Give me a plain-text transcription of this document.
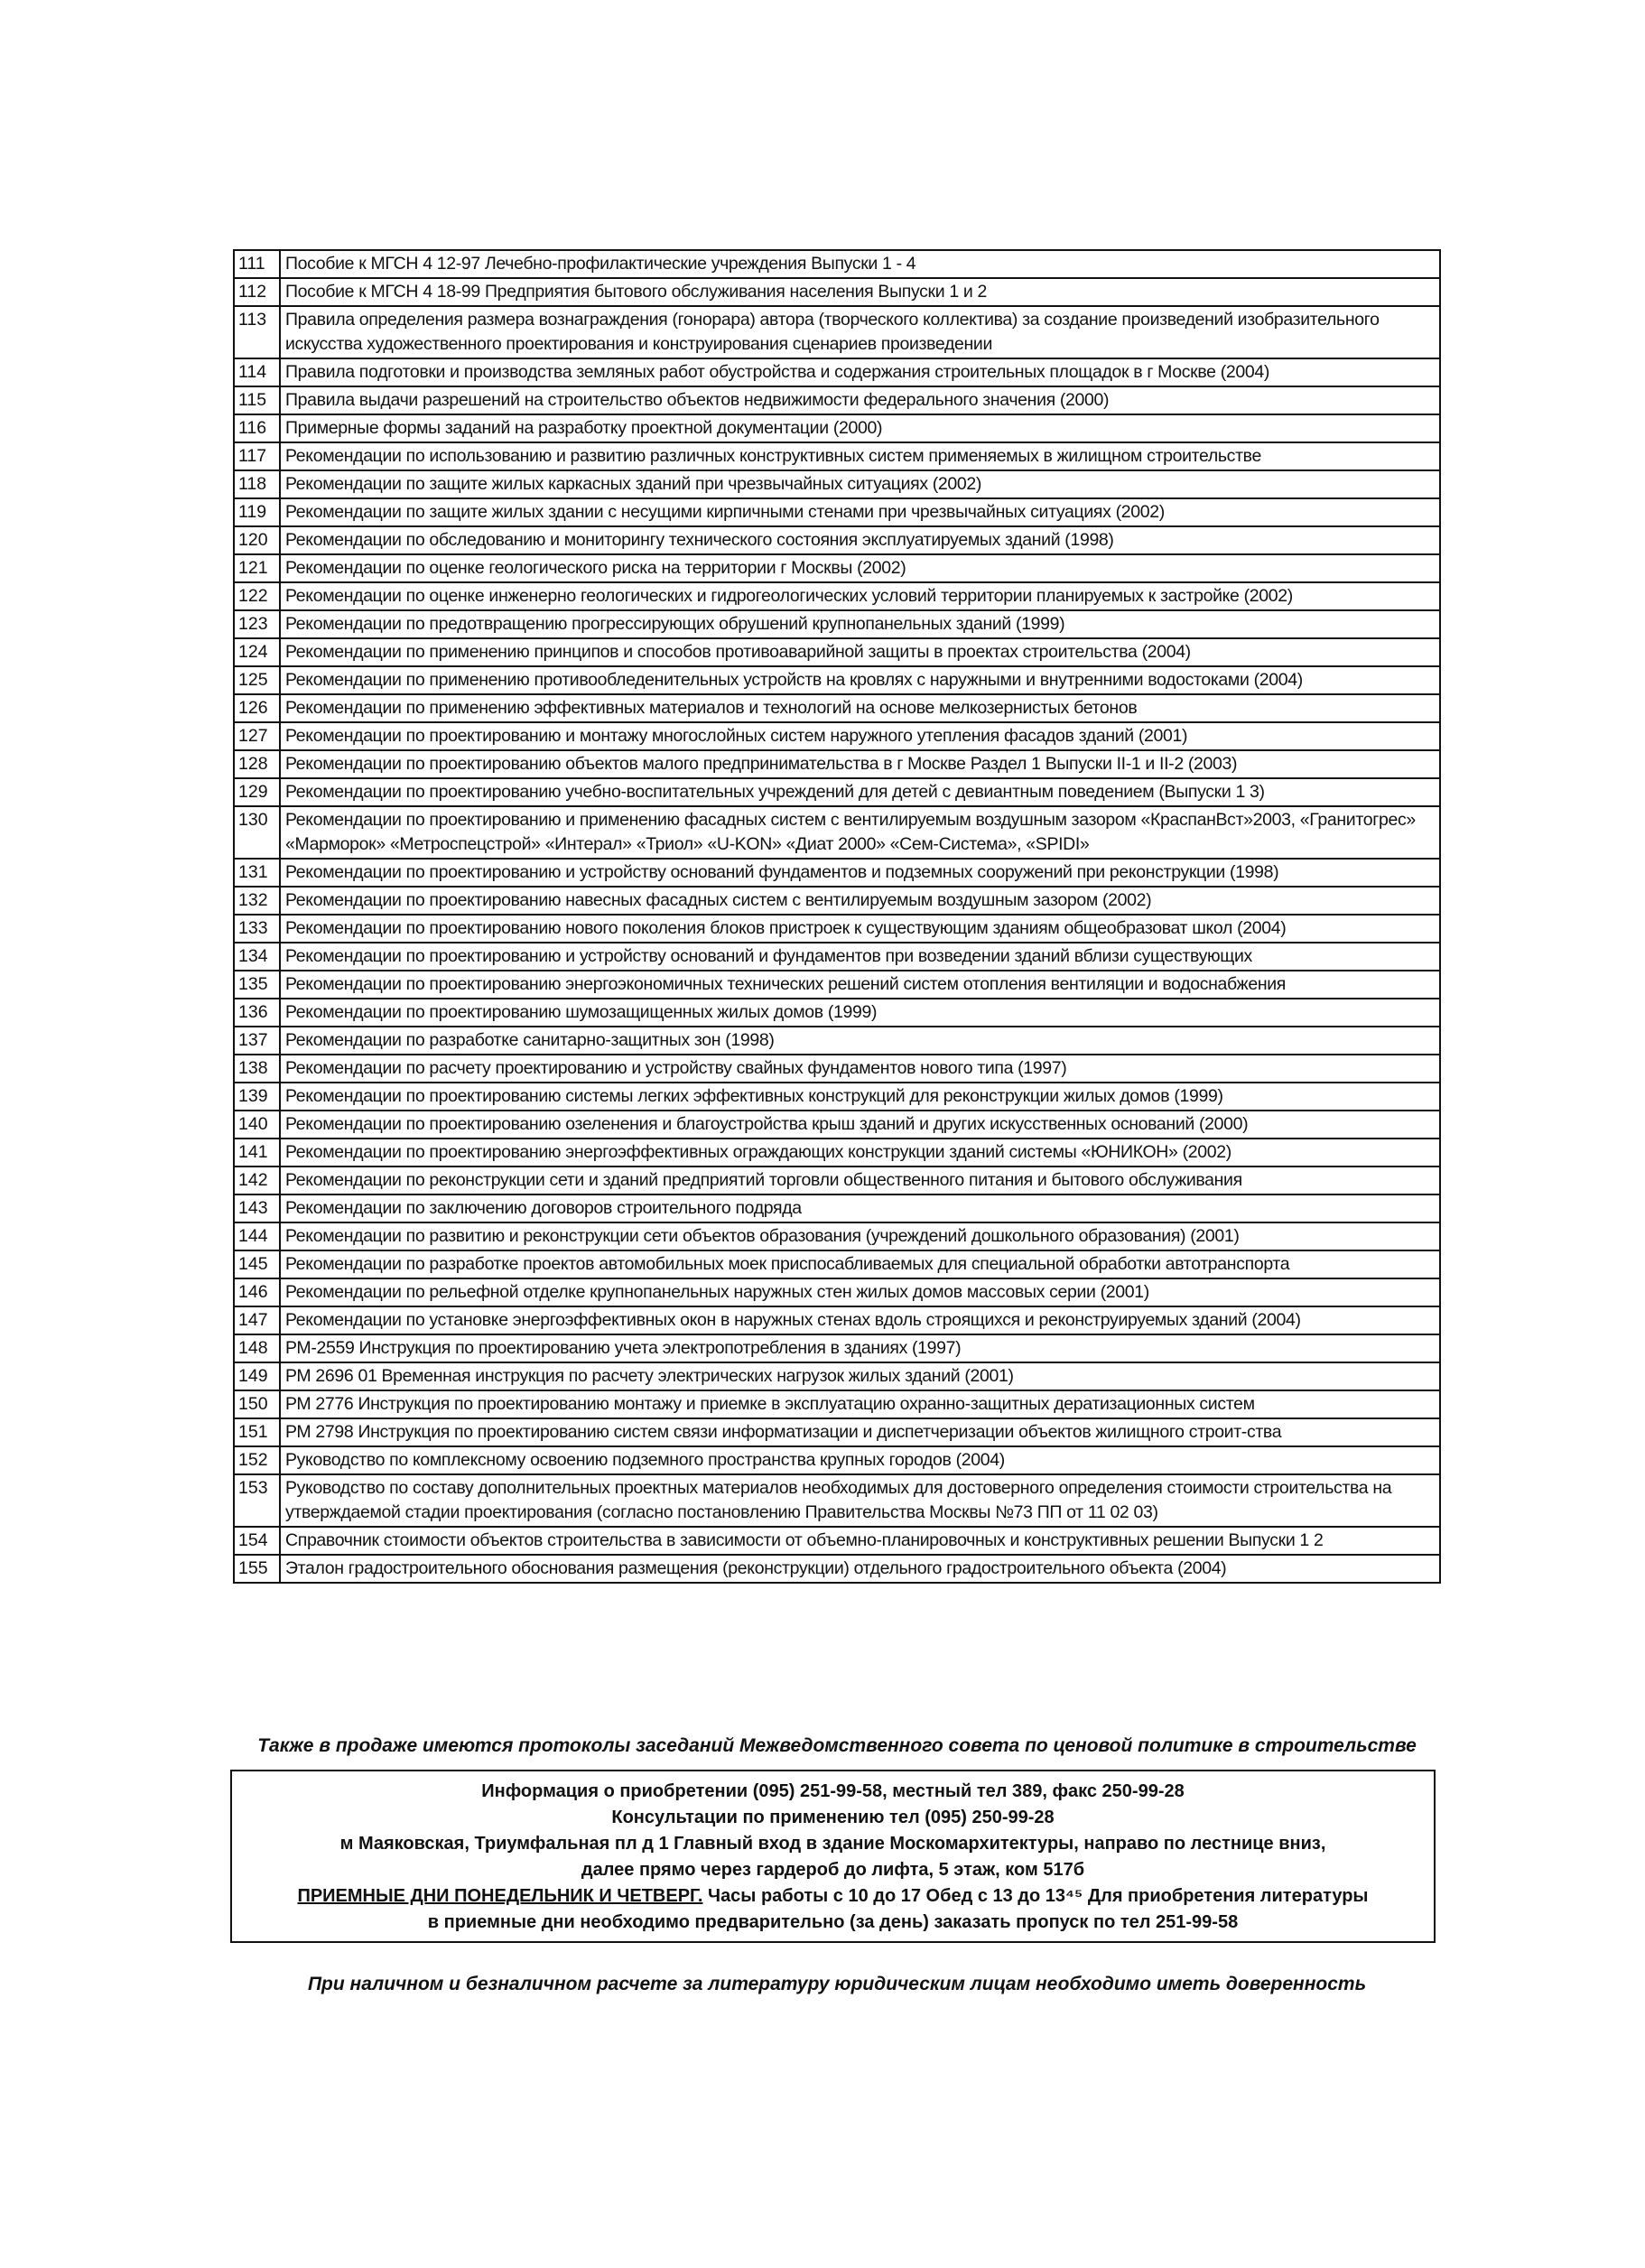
111	Пособие к МГСН 4 12-97 Лечебно-профилактические учреждения Выпуски 1 - 4
112	Пособие к МГСН 4 18-99 Предприятия бытового обслуживания населения Выпуски 1 и 2
113	Правила определения размера вознаграждения (гонорара) автора (творческого коллектива) за создание произведений изобразительного искусства художественного проектирования и конструирования сценариев произведении
114	Правила подготовки и производства земляных работ обустройства и содержания строительных площадок в г Москве (2004)
115	Правила выдачи разрешений на строительство объектов недвижимости федерального значения (2000)
116	Примерные формы заданий на разработку проектной документации (2000)
117	Рекомендации по использованию и развитию различных конструктивных систем применяемых в жилищном строительстве
118	Рекомендации по защите жилых каркасных зданий при чрезвычайных ситуациях (2002)
119	Рекомендации по защите жилых здании с несущими кирпичными стенами при чрезвычайных ситуациях (2002)
120	Рекомендации по обследованию и мониторингу технического состояния эксплуатируемых зданий (1998)
121	Рекомендации по оценке геологического риска на территории г Москвы (2002)
122	Рекомендации по оценке инженерно геологических и гидрогеологических условий территории планируемых к застройке (2002)
123	Рекомендации по предотвращению прогрессирующих обрушений крупнопанельных зданий (1999)
124	Рекомендации по применению принципов и способов противоаварийной защиты в проектах строительства (2004)
125	Рекомендации по применению противообледенительных устройств на кровлях с наружными и внутренними водостоками (2004)
126	Рекомендации по применению эффективных материалов и технологий на основе мелкозернистых бетонов
127	Рекомендации по проектированию и монтажу многослойных систем наружного утепления фасадов зданий (2001)
128	Рекомендации по проектированию объектов малого предпринимательства в г Москве Раздел 1 Выпуски II-1 и II-2 (2003)
129	Рекомендации по проектированию учебно-воспитательных учреждений для детей с девиантным поведением (Выпуски 1 3)
130	Рекомендации по проектированию и применению фасадных систем с вентилируемым воздушным зазором «КраспанВст»2003, «Гранитогрес» «Марморок» «Метроспецстрой» «Интерал» «Триол» «U-KON» «Диат 2000» «Сем-Система», «SPIDI»
131	Рекомендации по проектированию и устройству оснований фундаментов и подземных сооружений при реконструкции (1998)
132	Рекомендации по проектированию навесных фасадных систем с вентилируемым воздушным зазором (2002)
133	Рекомендации по проектированию нового поколения блоков пристроек к существующим зданиям общеобразоват школ (2004)
134	Рекомендации по проектированию и устройству оснований и фундаментов при возведении зданий вблизи существующих
135	Рекомендации по проектированию энергоэкономичных технических решений систем отопления вентиляции и водоснабжения
136	Рекомендации по проектированию шумозащищенных жилых домов (1999)
137	Рекомендации по разработке санитарно-защитных зон (1998)
138	Рекомендации по расчету проектированию и устройству свайных фундаментов нового типа (1997)
139	Рекомендации по проектированию системы легких эффективных конструкций для реконструкции жилых домов (1999)
140	Рекомендации по проектированию озеленения и благоустройства крыш зданий и других искусственных оснований (2000)
141	Рекомендации по проектированию энергоэффективных ограждающих конструкции зданий системы «ЮНИКОН» (2002)
142	Рекомендации по реконструкции сети и зданий предприятий торговли общественного питания и бытового обслуживания
143	Рекомендации по заключению договоров строительного подряда
144	Рекомендации по развитию и реконструкции сети объектов образования (учреждений дошкольного образования) (2001)
145	Рекомендации по разработке проектов автомобильных моек приспосабливаемых для специальной обработки автотранспорта
146	Рекомендации по рельефной отделке крупнопанельных наружных стен жилых домов массовых серии (2001)
147	Рекомендации по установке энергоэффективных окон в наружных стенах вдоль строящихся и реконструируемых зданий (2004)
148	РМ-2559 Инструкция по проектированию учета электропотребления в зданиях (1997)
149	РМ 2696 01 Временная инструкция по расчету электрических нагрузок жилых зданий (2001)
150	РМ 2776 Инструкция по проектированию монтажу и приемке в эксплуатацию охранно-защитных дератизационных систем
151	РМ 2798 Инструкция по проектированию систем связи информатизации и диспетчеризации объектов жилищного строит-ства
152	Руководство по комплексному освоению подземного пространства крупных городов (2004)
153	Руководство по составу дополнительных проектных материалов необходимых для достоверного определения стоимости строительства на утверждаемой стадии проектирования (согласно постановлению Правительства Москвы №73 ПП от 11 02 03)
154	Справочник стоимости объектов строительства в зависимости от объемно-планировочных и конструктивных решении Выпуски 1 2
155	Эталон градостроительного обоснования размещения (реконструкции) отдельного градостроительного объекта (2004)
Также в продаже имеются протоколы заседаний Межведомственного совета по ценовой политике в строительстве
Информация о приобретении (095) 251-99-58, местный тел 389, факс 250-99-28
Консультации по применению тел (095) 250-99-28
м Маяковская, Триумфальная пл д 1 Главный вход в здание Москомархитектуры, направо по лестнице вниз,
далее прямо через гардероб до лифта, 5 этаж, ком 517б
ПРИЕМНЫЕ ДНИ ПОНЕДЕЛЬНИК И ЧЕТВЕРГ. Часы работы с 10 до 17 Обед с 13 до 13⁴⁵ Для приобретения литературы
в приемные дни необходимо предварительно (за день) заказать пропуск по тел 251-99-58
При наличном и безналичном расчете за литературу юридическим лицам необходимо иметь доверенность
